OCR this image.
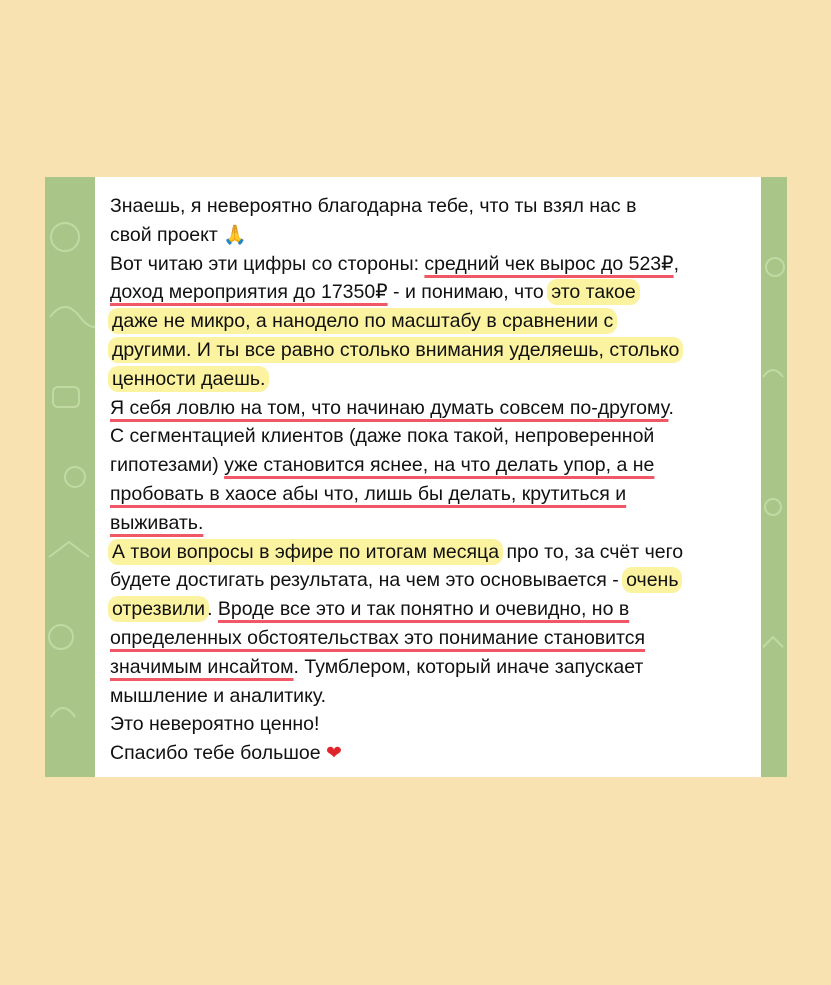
Знаешь, я невероятно благодарна тебе, что ты взял нас в
свой проект 🙏
Вот читаю эти цифры со стороны: средний чек вырос до 523₽,
доход мероприятия до 17350₽ - и понимаю, что это такое
даже не микро, а нанодело по масштабу в сравнении с
другими. И ты все равно столько внимания уделяешь, столько
ценности даешь.
Я себя ловлю на том, что начинаю думать совсем по-другому.
С сегментацией клиентов (даже пока такой, непроверенной
гипотезами) уже становится яснее, на что делать упор, а не
пробовать в хаосе абы что, лишь бы делать, крутиться и
выживать.
А твои вопросы в эфире по итогам месяца про то, за счёт чего
будете достигать результата, на чем это основывается - очень
отрезвили . Вроде все это и так понятно и очевидно, но в
определенных обстоятельствах это понимание становится
значимым инсайтом. Тумблером, который иначе запускает
мышление и аналитику.
Это невероятно ценно!
Спасибо тебе большое ❤
